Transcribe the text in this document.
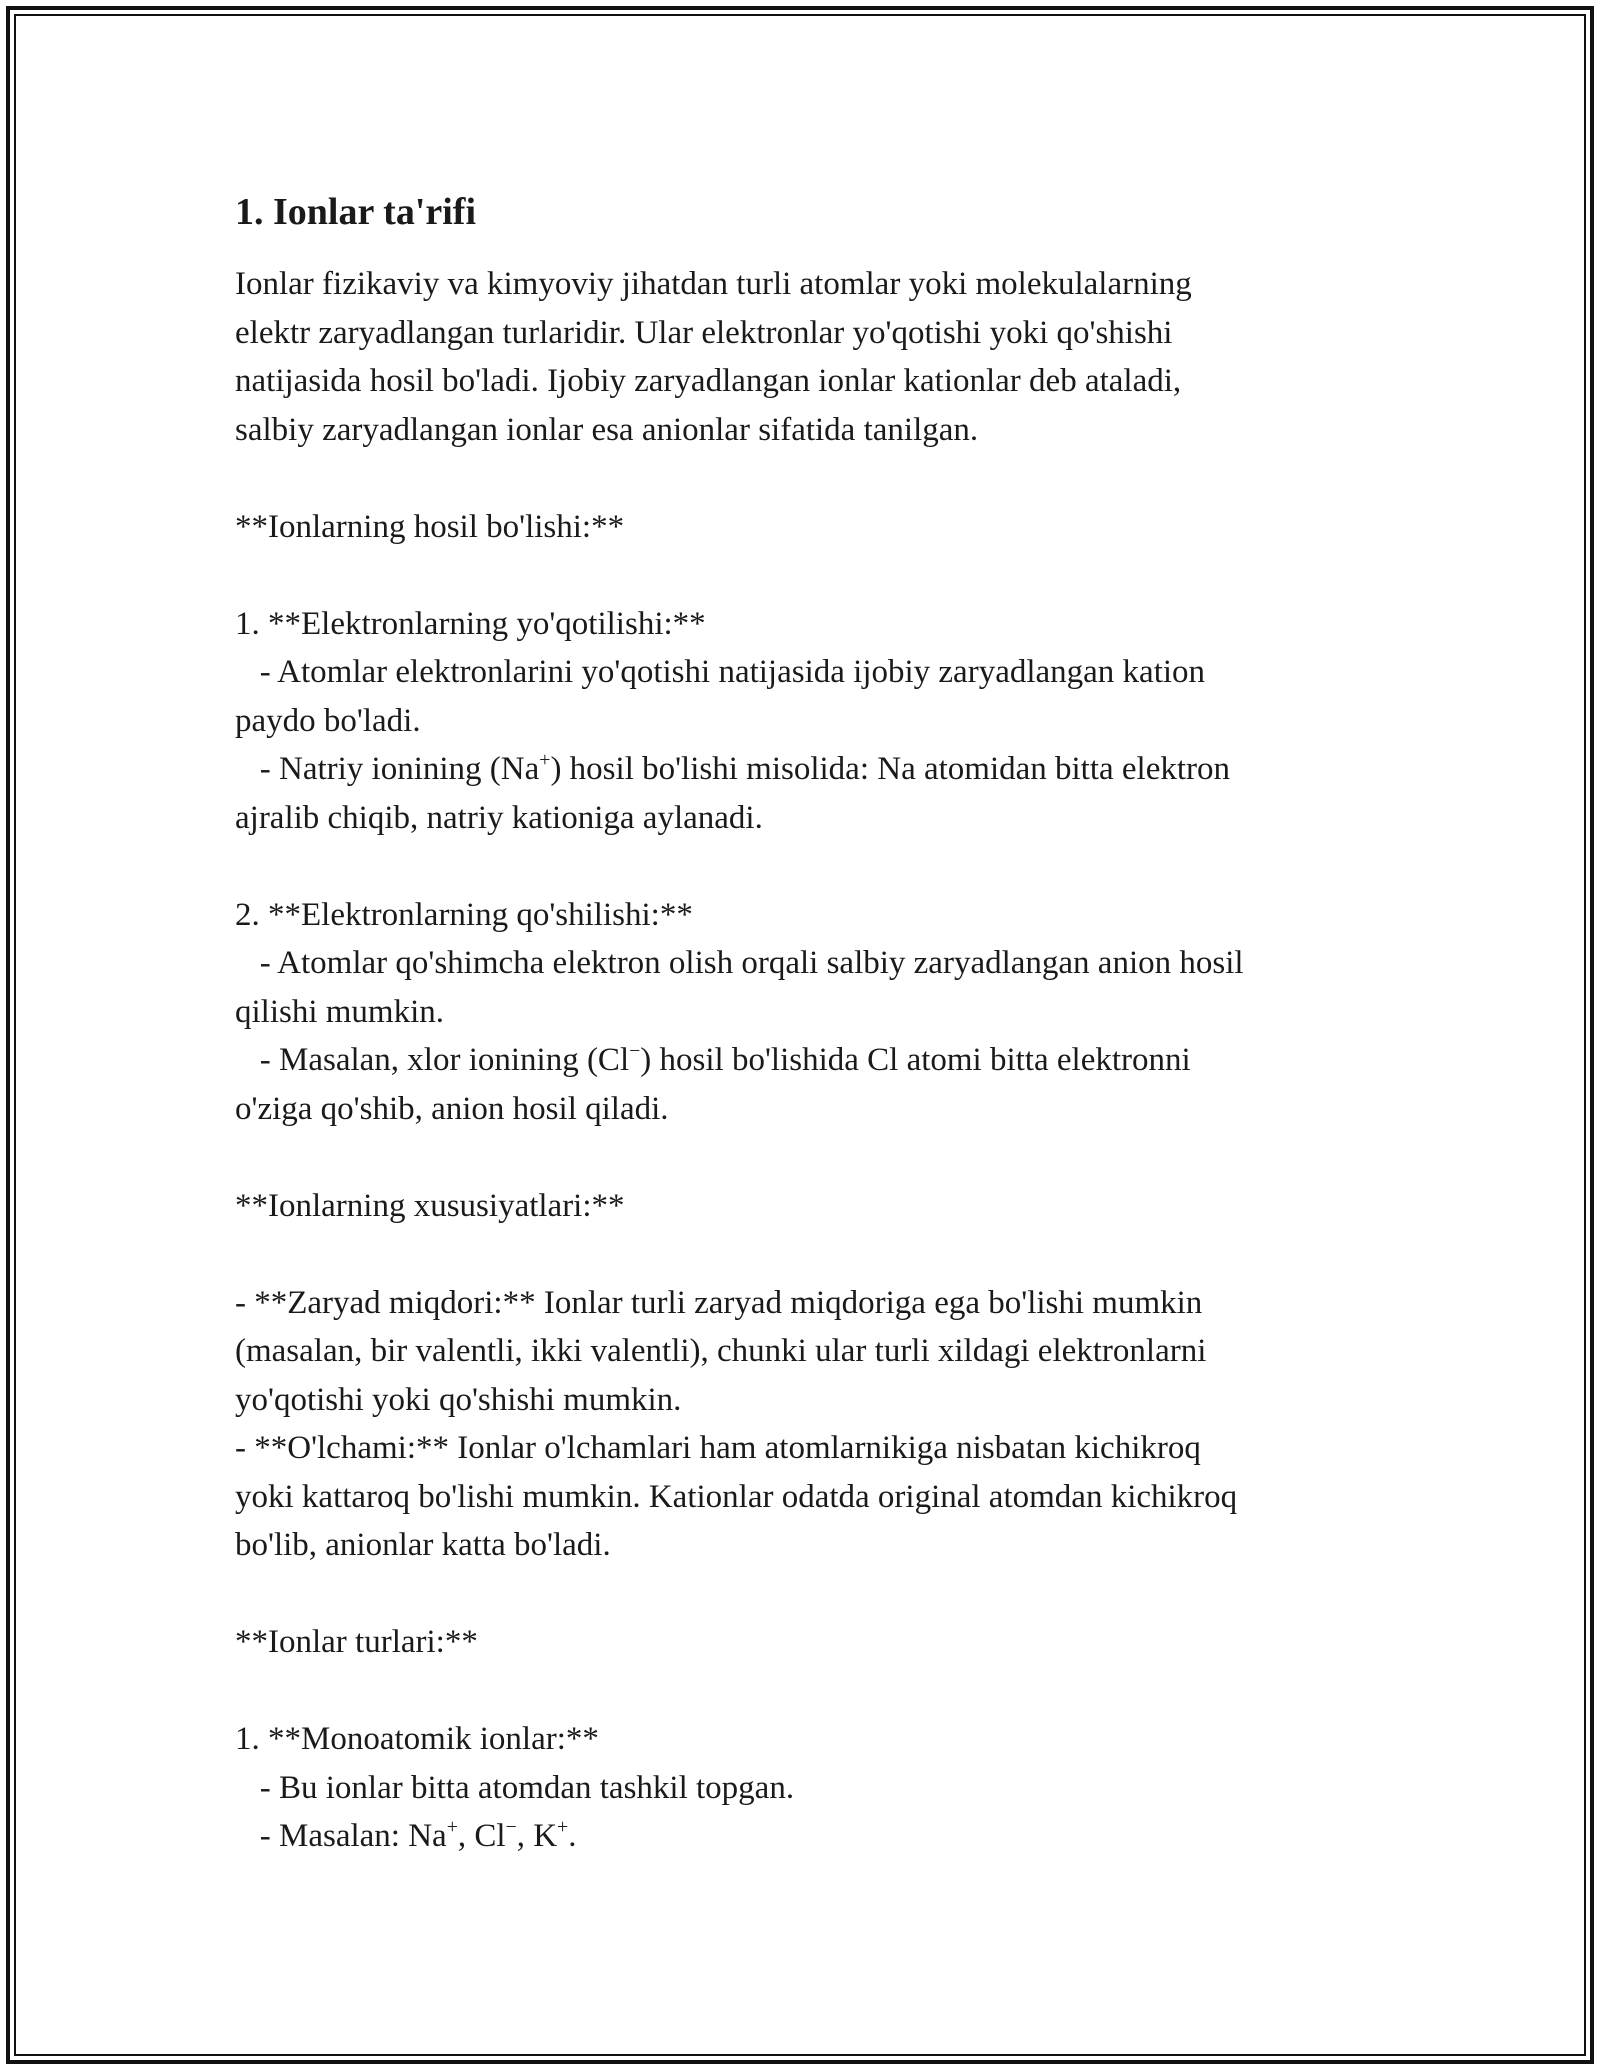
1. Ionlar ta'rifi
Ionlar fizikaviy va kimyoviy jihatdan turli atomlar yoki molekulalarning
elektr zaryadlangan turlaridir. Ular elektronlar yo'qotishi yoki qo'shishi
natijasida hosil bo'ladi. Ijobiy zaryadlangan ionlar kationlar deb ataladi,
salbiy zaryadlangan ionlar esa anionlar sifatida tanilgan.
**Ionlarning hosil bo'lishi:**
1. **Elektronlarning yo'qotilishi:**
- Atomlar elektronlarini yo'qotishi natijasida ijobiy zaryadlangan kation
paydo bo'ladi.
- Natriy ionining (Na+) hosil bo'lishi misolida: Na atomidan bitta elektron
ajralib chiqib, natriy kationiga aylanadi.
2. **Elektronlarning qo'shilishi:**
- Atomlar qo'shimcha elektron olish orqali salbiy zaryadlangan anion hosil
qilishi mumkin.
- Masalan, xlor ionining (Cl−) hosil bo'lishida Cl atomi bitta elektronni
o'ziga qo'shib, anion hosil qiladi.
**Ionlarning xususiyatlari:**
- **Zaryad miqdori:** Ionlar turli zaryad miqdoriga ega bo'lishi mumkin
(masalan, bir valentli, ikki valentli), chunki ular turli xildagi elektronlarni
yo'qotishi yoki qo'shishi mumkin.
- **O'lchami:** Ionlar o'lchamlari ham atomlarnikiga nisbatan kichikroq
yoki kattaroq bo'lishi mumkin. Kationlar odatda original atomdan kichikroq
bo'lib, anionlar katta bo'ladi.
**Ionlar turlari:**
1. **Monoatomik ionlar:**
- Bu ionlar bitta atomdan tashkil topgan.
- Masalan: Na+, Cl−, K+.
